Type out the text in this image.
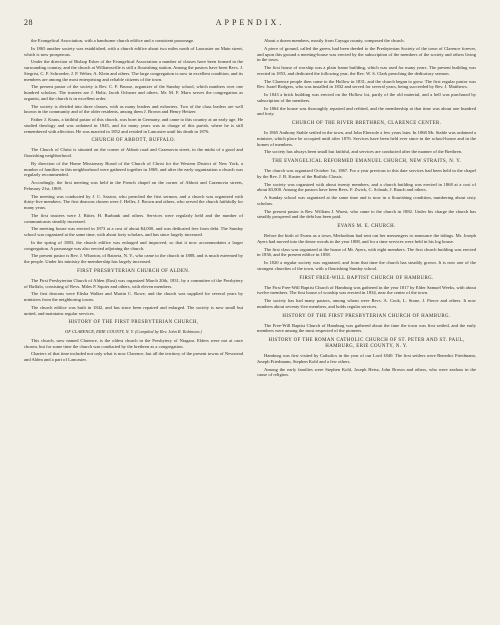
28	APPENDIX.

the Evangelical Association, with a handsome church edifice and a consistent parsonage.

In 1865 another society was established, with a church edifice about two miles north of Lancaster on Main street, which is now prosperous.

Under the direction of Bishop Esher of the Evangelical Association a number of classes have been formed in the surrounding country, and the church at Williamsville is still a flourishing station. Among the pastors have been Revs. J. Siegrist, C. F. Schroeder, J. P. Weber, A. Klein and others. The large congregation is now in excellent condition, and its members are among the most enterprising and reliable citizens of the town.

The present pastor of the society is Rev. C. F. Brusse, organizer of the Sunday school, which numbers over one hundred scholars. The trustees are J. Holtz, Jacob Ochsner and others. Mr. M. F. Marx serves the congregation as organist, and the church is in excellent order.

The society is divided into three classes, with as many leaders and exhorters. Two of the class leaders are well known in the community and of the older residents, among them J. Brown and Henry Heitzer.

Father J. Kraus, a faithful pastor of this church, was born in Germany, and came to this country at an early age. He studied theology and was ordained in 1845, and for many years was in charge of this parish, where he is still remembered with affection. He was married in 1852 and resided in Lancaster until his death in 1876.

CHURCH OF ABBOTT, BUFFALO.

The Church of Christ is situated on the corner of Abbott road and Cazenovia street, in the midst of a good and flourishing neighborhood.

By direction of the Home Missionary Board of the Church of Christ for the Western District of New York, a number of families in this neighborhood were gathered together in 1869, and after the early organization a church was regularly recommended.

Accordingly, the first meeting was held in the French chapel on the corner of Abbott and Cazenovia streets, February 21st, 1869.

The meeting was conducted by J. C. Saxton, who preached the first sermon, and a church was organized with thirty-five members. The first deacons chosen were J. Heller, J. Brown and others, who served the church faithfully for many years.

The first trustees were J. Ritter, H. Burbank and others. Services were regularly held and the number of communicants steadily increased.

The meeting house was erected in 1873 at a cost of about $4,000, and was dedicated free from debt. The Sunday school was organized at the same time, with about forty scholars, and has since largely increased.

In the spring of 1883, the church edifice was enlarged and improved, so that it now accommodates a larger congregation. A parsonage was also erected adjoining the church.

The present pastor is Rev. J. Wharton, of Batavia, N. Y., who came to the church in 1888, and is much esteemed by the people. Under his ministry the membership has largely increased.

FIRST PRESBYTERIAN CHURCH OF ALDEN.

The First Presbyterian Church of Alden (East) was organized March 20th, 1831, by a committee of the Presbytery of Buffalo, consisting of Revs. Miles P. Squier and others, with eleven members.

The first deacons were Elisha Walker and Martin C. Rowe, and the church was supplied for several years by ministers from the neighboring towns.

The church edifice was built in 1842, and has since been repaired and enlarged. The society is now small but united, and maintains regular services.

HISTORY OF THE FIRST PRESBYTERIAN CHURCH,

OF CLARENCE, ERIE COUNTY, N. Y. (Compiled by Rev. John R. Robinson.)

This church, now named Clarence, is the oldest church in the Presbytery of Niagara. Elders were not at once chosen, but for some time the church was conducted by the brethren as a congregation.

Charters of that time included not only what is now Clarence, but all the territory of the present towns of Newstead and Alden and a part of Lancaster.

About a dozen members, mostly from Cayuga county, composed the church.

A piece of ground, called the green, had been deeded to the Presbyterian Society of the town of Clarence forever, and upon this ground a meeting-house was erected by the subscription of the members of the society and others living in the town.

The first house of worship was a plain frame building, which was used for many years. The present building was erected in 1853, and dedicated the following year, the Rev. W. S. Clark preaching the dedicatory sermon.

The Clarence people then came to the Hollow in 1831, and the church began to grow. The first regular pastor was Rev. Israel Rodgers, who was installed in 1832 and served for several years, being succeeded by Rev. J. Matthews.

In 1843 a brick building was erected on the Hollow lot, partly of the old material, and a bell was purchased by subscription of the members.

In 1864 the house was thoroughly repaired and refitted, and the membership at that time was about one hundred and forty.

CHURCH OF THE RIVER BRETHREN, CLARENCE CENTER.

In 1865 Anthony Stahle settled in the town, and John Ebersole a few years later. In 1868 Mr. Stahle was ordained a minister, which place he occupied until after 1876. Services have been held ever since in the school-house and in the homes of members.

The society has always been small but faithful, and services are conducted after the manner of the Brethren.

THE EVANGELICAL REFORMED EMANUEL CHURCH, NEW STRAITS, N. Y.

The church was organized October 1st, 1867. For a year previous to this date services had been held in the chapel by the Rev. J. B. Kuster of the Buffalo Classis.

The society was organized with about twenty members, and a church building was erected in 1868 at a cost of about $3,000. Among the pastors have been Revs. F. Zwick, C. Schaub, J. Rauch and others.

A Sunday school was organized at the same time and is now in a flourishing condition, numbering about sixty scholars.

The present pastor is Rev. William J. Wuest, who came to the church in 1882. Under his charge the church has steadily prospered and the debt has been paid.

EVANS M. E. CHURCH.

Before the birth of Evans as a town, Methodism had sent out her messengers to announce the tidings. Mr. Joseph Ayers had moved into the dense woods in the year 1808, and for a time services were held in his log house.

The first class was organized at the house of Mr. Ayers, with eight members. The first church building was erected in 1836, and the present edifice in 1858.

In 1820 a regular society was organized, and from that time the church has steadily grown. It is now one of the strongest churches of the town, with a flourishing Sunday school.

FIRST FREE-WILL BAPTIST CHURCH OF HAMBURG.

The First Free-Will Baptist Church of Hamburg was gathered in the year 1817 by Elder Samuel Weeks, with about twelve members. The first house of worship was erected in 1834, near the center of the town.

The society has had many pastors, among whom were Revs. A. Cook, L. Stone, J. Pierce and others. It now numbers about seventy-five members, and holds regular services.

HISTORY OF THE FIRST PRESBYTERIAN CHURCH OF HAMBURG.

The Free-Will Baptist Church of Hamburg was gathered about the time the town was first settled, and the early members were among the most respected of the pioneers.

HISTORY OF THE ROMAN CATHOLIC CHURCH OF ST. PETER AND ST. PAUL, HAMBURG, ERIE COUNTY, N. Y.

Hamburg was first visited by Catholics in the year of our Lord 1840. The first settlers were Benedict Friedmann, Joseph Friedmann, Stephen Kohl and a few others.

Among the early families were Stephen Kohl, Joseph Heisz, John Brown and others, who were zealous in the cause of religion.
